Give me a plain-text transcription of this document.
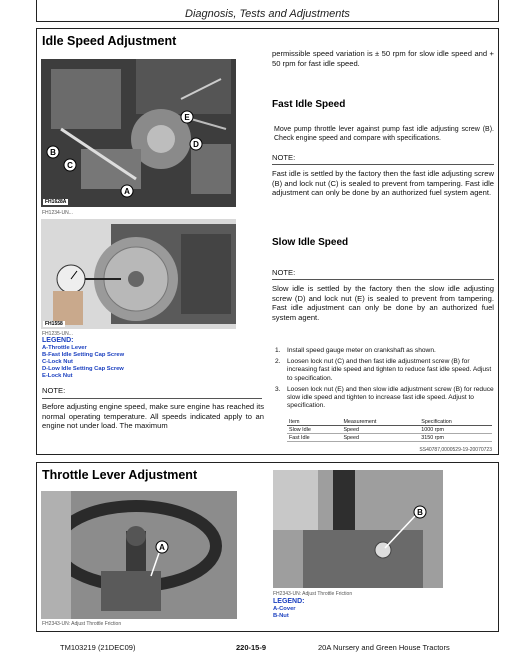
Diagnosis, Tests and Adjustments
Idle Speed Adjustment
A
B
C
D
E
FH1628A
FH1234-UN...
FH1558
FH1235-UN...
LEGEND:
A-Throttle Lever
B-Fast Idle Setting Cap Screw
C-Lock Nut
D-Low Idle Setting Cap Screw
E-Lock Nut
NOTE:
Before adjusting engine speed, make sure engine has reached its normal operating temperature. All speeds indicated apply to an engine not under load. The maximum
permissible speed variation is ± 50 rpm for slow idle speed and + 50 rpm for fast idle speed.
Fast Idle Speed
Move pump throttle lever against pump fast idle adjusting screw (B). Check engine speed and compare with specifications.
NOTE:
Fast idle is settled by the factory then the fast idle adjusting screw (B) and lock nut (C) is sealed to prevent from tampering. Fast idle adjustment can only be done by an authorized fuel system agent.
Slow Idle Speed
NOTE:
Slow idle is settled by the factory then the slow idle adjusting screw (D) and lock nut (E) is sealed to prevent from tampering. Fast idle adjustment can only be done by an authorized fuel system agent.
1. Install speed gauge meter on crankshaft as shown.
2. Loosen lock nut (C) and then fast idle adjustment screw (B) for increasing fast idle speed and tighten to reduce fast idle speed. Adjust to specification.
3. Loosen lock nut (E) and then slow idle adjustment screw (B) for reduce slow idle speed and tighten to increase fast idle speed. Adjust to specification.
Item	Measurement	Specification
Slow Idle	Speed	1000 rpm
Fast Idle	Speed	3150 rpm
SS40787,0000529-19-20070723
Throttle Lever Adjustment
A
FH2343-UN: Adjust Throttle Friction
B
FH2343-UN: Adjust Throttle Friction
LEGEND:
A-Cover
B-Nut
TM103219 (21DEC09)	220-15-9	20A Nursery and Green House Tractors
